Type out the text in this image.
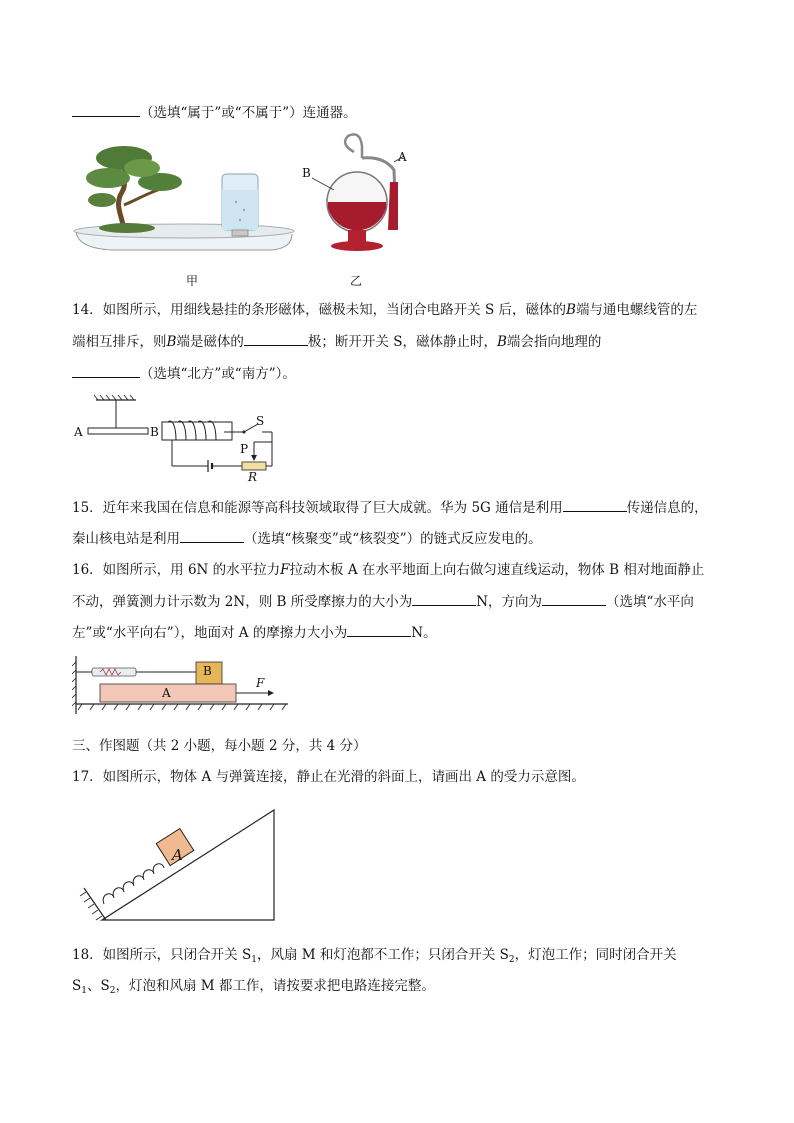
（选填“属于”或“不属于”）连通器。
B
A
甲	乙
14．如图所示，用细线悬挂的条形磁体，磁极未知，当闭合电路开关 S 后，磁体的B端与通电螺线管的左
端相互排斥，则B端是磁体的	极；断开开关 S，磁体静止时，B端会指向地理的
（选填“北方”或“南方”）。
A	B
S
P
R
15．近年来我国在信息和能源等高科技领域取得了巨大成就。华为 5G 通信是利用	传递信息的，
秦山核电站是利用	（选填“核聚变”或“核裂变”）的链式反应发电的。
16．如图所示，用 6N 的水平拉力F拉动木板 A 在水平地面上向右做匀速直线运动，物体 B 相对地面静止
不动，弹簧测力计示数为 2N，则 B 所受摩擦力的大小为	N，方向为	（选填“水平向
左”或“水平向右”），地面对 A 的摩擦力大小为	N。
B
A
F
三、作图题（共 2 小题，每小题 2 分，共 4 分）
17．如图所示，物体 A 与弹簧连接，静止在光滑的斜面上，请画出 A 的受力示意图。
A
18．如图所示，只闭合开关 $S_1$，风扇 M 和灯泡都不工作；只闭合开关 $S_2$，灯泡工作；同时闭合开关
$S_1$、$S_2$，灯泡和风扇 M 都工作，请按要求把电路连接完整。
